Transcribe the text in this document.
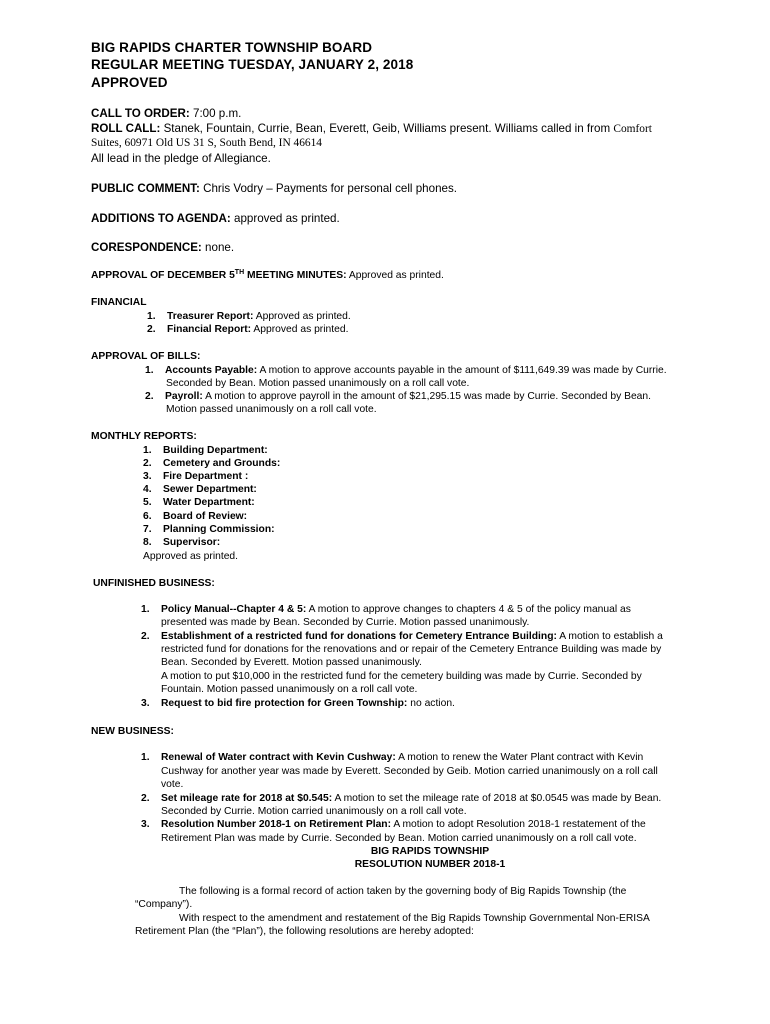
BIG RAPIDS CHARTER TOWNSHIP BOARD
REGULAR MEETING TUESDAY, JANUARY 2, 2018
APPROVED
CALL TO ORDER: 7:00 p.m.
ROLL CALL: Stanek, Fountain, Currie, Bean, Everett, Geib, Williams present. Williams called in from Comfort
Suites, 60971 Old US 31 S, South Bend, IN 46614
All lead in the pledge of Allegiance.
PUBLIC COMMENT: Chris Vodry – Payments for personal cell phones.
ADDITIONS TO AGENDA: approved as printed.
CORESPONDENCE: none.
APPROVAL OF DECEMBER 5TH MEETING MINUTES: Approved as printed.
FINANCIAL
1. Treasurer Report: Approved as printed.
2. Financial Report: Approved as printed.
APPROVAL OF BILLS:
1. Accounts Payable: A motion to approve accounts payable in the amount of $111,649.39 was made by Currie.
Seconded by Bean. Motion passed unanimously on a roll call vote.
2. Payroll: A motion to approve payroll in the amount of $21,295.15 was made by Currie. Seconded by Bean.
Motion passed unanimously on a roll call vote.
MONTHLY REPORTS:
1. Building Department:
2. Cemetery and Grounds:
3. Fire Department :
4. Sewer Department:
5. Water Department:
6. Board of Review:
7. Planning Commission:
8. Supervisor:
Approved as printed.
UNFINISHED BUSINESS:
1. Policy Manual--Chapter 4 & 5: A motion to approve changes to chapters 4 & 5 of the policy manual as
presented was made by Bean. Seconded by Currie. Motion passed unanimously.
2. Establishment of a restricted fund for donations for Cemetery Entrance Building: A motion to establish a
restricted fund for donations for the renovations and or repair of the Cemetery Entrance Building was made by
Bean. Seconded by Everett. Motion passed unanimously.
A motion to put $10,000 in the restricted fund for the cemetery building was made by Currie. Seconded by
Fountain. Motion passed unanimously on a roll call vote.
3. Request to bid fire protection for Green Township: no action.
NEW BUSINESS:
1. Renewal of Water contract with Kevin Cushway: A motion to renew the Water Plant contract with Kevin
Cushway for another year was made by Everett. Seconded by Geib. Motion carried unanimously on a roll call
vote.
2. Set mileage rate for 2018 at $0.545: A motion to set the mileage rate of 2018 at $0.0545 was made by Bean.
Seconded by Currie. Motion carried unanimously on a roll call vote.
3. Resolution Number 2018-1 on Retirement Plan: A motion to adopt Resolution 2018-1 restatement of the
Retirement Plan was made by Currie. Seconded by Bean. Motion carried unanimously on a roll call vote.
BIG RAPIDS TOWNSHIP
RESOLUTION NUMBER 2018-1
The following is a formal record of action taken by the governing body of Big Rapids Township (the
“Company”).
With respect to the amendment and restatement of the Big Rapids Township Governmental Non-ERISA
Retirement Plan (the “Plan”), the following resolutions are hereby adopted:
